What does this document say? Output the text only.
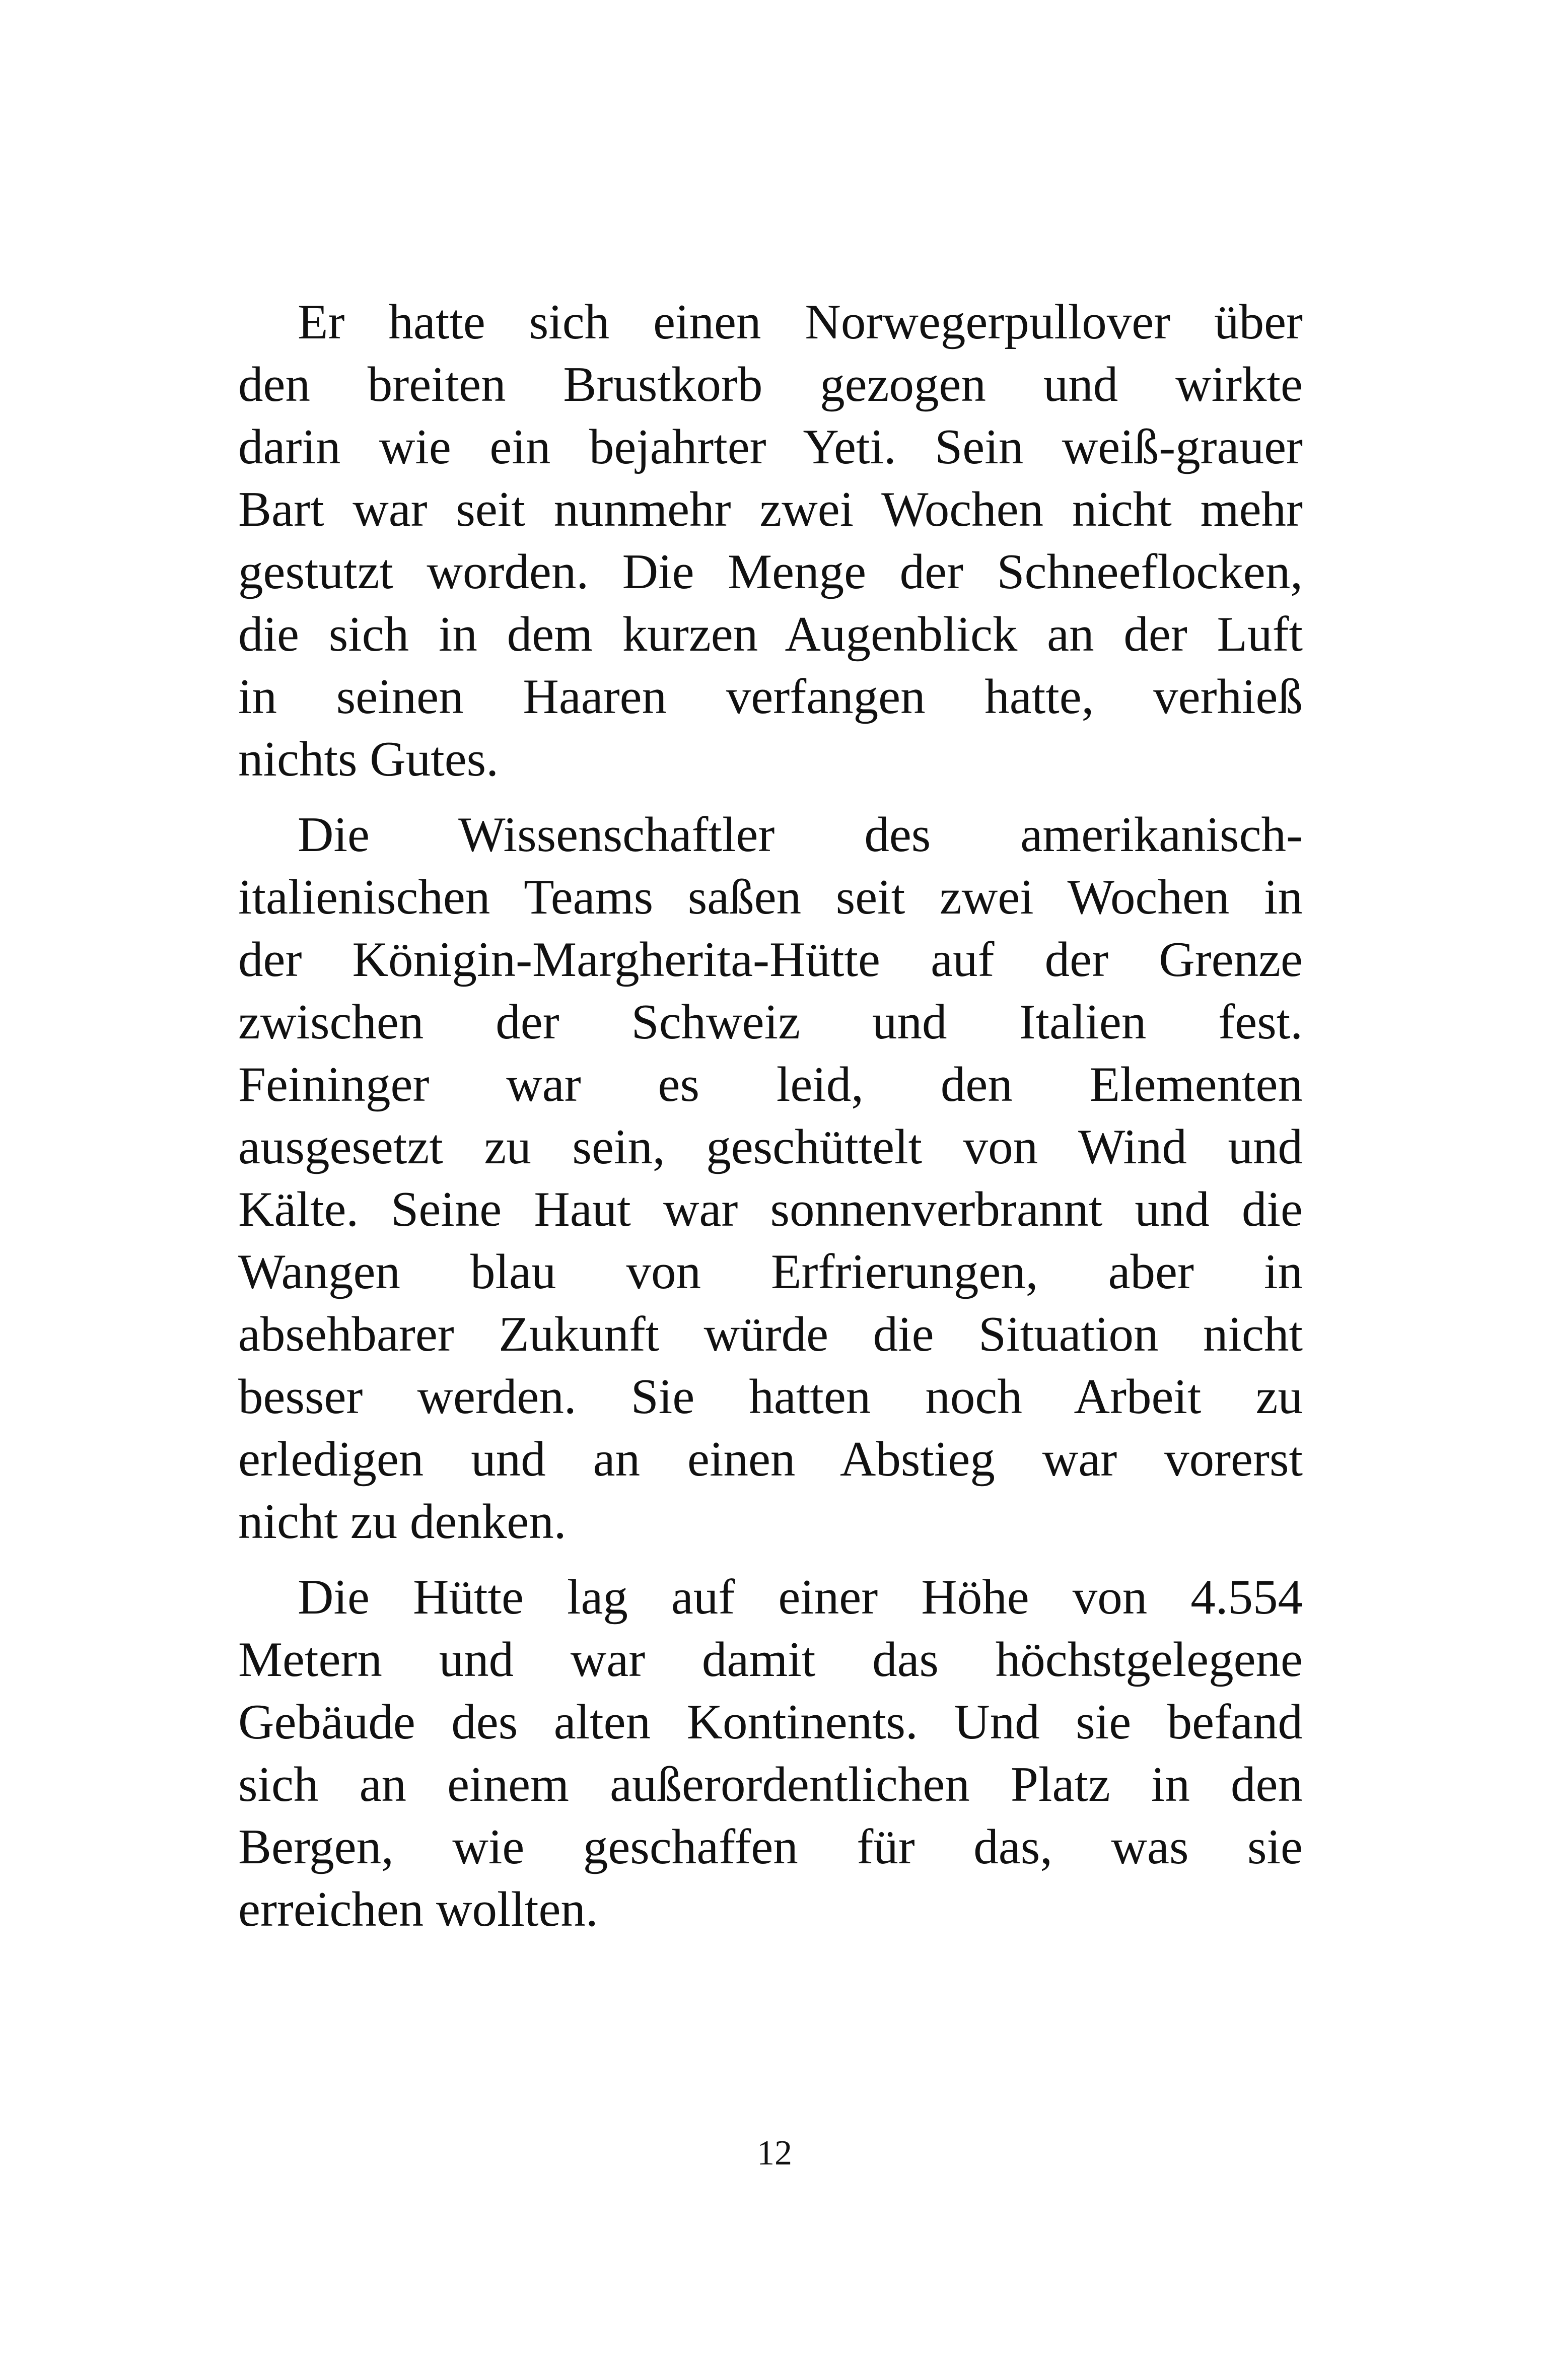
Er hatte sich einen Norwegerpullover über
den breiten Brustkorb gezogen und wirkte
darin wie ein bejahrter Yeti. Sein weiß-grauer
Bart war seit nunmehr zwei Wochen nicht mehr
gestutzt worden. Die Menge der Schneeflocken,
die sich in dem kurzen Augenblick an der Luft
in seinen Haaren verfangen hatte, verhieß
nichts Gutes.
Die Wissenschaftler des amerikanisch-
italienischen Teams saßen seit zwei Wochen in
der Königin-Margherita-Hütte auf der Grenze
zwischen der Schweiz und Italien fest.
Feininger war es leid, den Elementen
ausgesetzt zu sein, geschüttelt von Wind und
Kälte. Seine Haut war sonnenverbrannt und die
Wangen blau von Erfrierungen, aber in
absehbarer Zukunft würde die Situation nicht
besser werden. Sie hatten noch Arbeit zu
erledigen und an einen Abstieg war vorerst
nicht zu denken.
Die Hütte lag auf einer Höhe von 4.554
Metern und war damit das höchstgelegene
Gebäude des alten Kontinents. Und sie befand
sich an einem außerordentlichen Platz in den
Bergen, wie geschaffen für das, was sie
erreichen wollten.
12
